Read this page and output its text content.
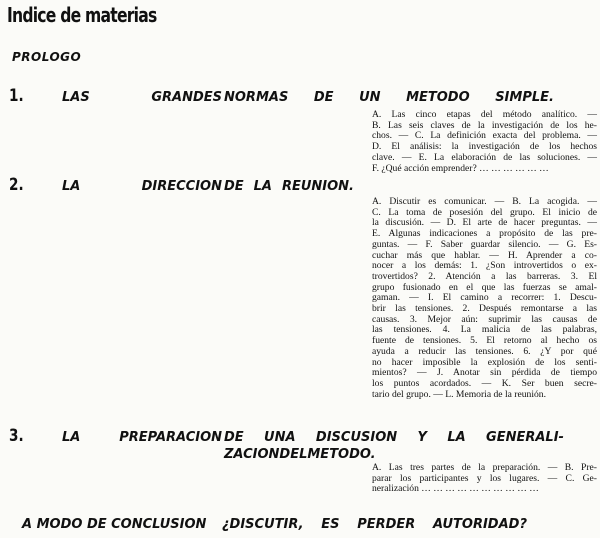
Indice de materias
PROLOGO
1.	LAS	GRANDES NORMAS DE UN METODO SIMPLE.
A. Las cinco etapas del método analítico. —
B. Las seis claves de la investigación de los he-
chos. — C. La definición exacta del problema. —
D. El análisis: la investigación de los hechos
clave. — E. La elaboración de las soluciones. —
F. ¿Qué acción emprender? … … … … … …
2.	LA	DIRECCION DE LA REUNION.
A. Discutir es comunicar. — B. La acogida. —
C. La toma de posesión del grupo. El inicio de
la discusión. — D. El arte de hacer preguntas. —
E. Algunas indicaciones a propósito de las pre-
guntas. — F. Saber guardar silencio. — G. Es-
cuchar más que hablar. — H. Aprender a co-
nocer a los demás: 1. ¿Son introvertidos o ex-
trovertidos? 2. Atención a las barreras. 3. El
grupo fusionado en el que las fuerzas se amal-
gaman. — I. El camino a recorrer: 1. Descu-
brir las tensiones. 2. Después remontarse a las
causas. 3. Mejor aún: suprimir las causas de
las tensiones. 4. La malicia de las palabras,
fuente de tensiones. 5. El retorno al hecho os
ayuda a reducir las tensiones. 6. ¿Y por qué
no hacer imposible la explosión de los senti-
mientos? — J. Anotar sin pérdida de tiempo
los puntos acordados. — K. Ser buen secre-
tario del grupo. — L. Memoria de la reunión.
3.	LA	PREPARACION DE UNA DISCUSION Y LA GENERALI-
ZACION DEL METODO.
A. Las tres partes de la preparación. — B. Pre-
parar los participantes y los lugares. — C. Ge-
neralización … … … … … … … … … …
A MODO DE CONCLUSION ¿DISCUTIR, ES PERDER AUTORIDAD?
